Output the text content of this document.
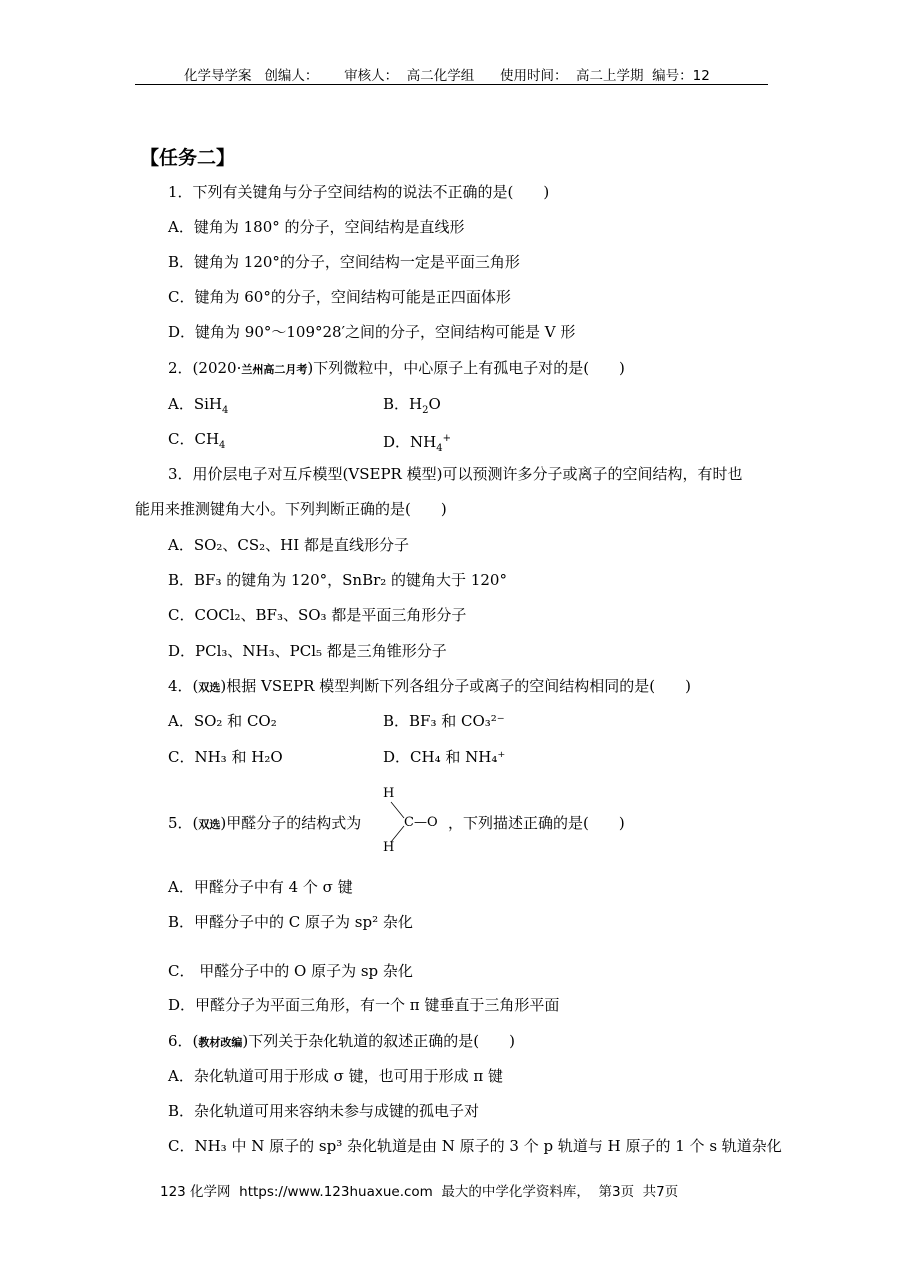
化学导学案   创编人：      审核人：  高二化学组      使用时间：  高二上学期  编号：12
【任务二】
1．下列有关键角与分子空间结构的说法不正确的是(　　)
A．键角为 180° 的分子，空间结构是直线形
B．键角为 120°的分子，空间结构一定是平面三角形
C．键角为 60°的分子，空间结构可能是正四面体形
D．键角为 90°～109°28′之间的分子，空间结构可能是 V 形
2．(2020·兰州高二月考)下列微粒中，中心原子上有孤电子对的是(　　)
A．SiH$_4$	B．$H_2O$
C．$CH_4$	D．$NH_4^+$
3．用价层电子对互斥模型(VSEPR 模型)可以预测许多分子或离子的空间结构，有时也
能用来推测键角大小。下列判断正确的是(　　)
A．SO₂、CS₂、HI 都是直线形分子
B．BF₃ 的键角为 120°，SnBr₂ 的键角大于 120°
C．COCl₂、BF₃、SO₃ 都是平面三角形分子
D．PCl₃、NH₃、PCl₅ 都是三角锥形分子
4．(双选)根据 VSEPR 模型判断下列各组分子或离子的空间结构相同的是(　　)
A．SO₂ 和 CO₂	B．BF₃ 和 CO₃²⁻
C．NH₃ 和 H₂O	D．CH₄ 和 NH₄⁺
5．(双选)甲醛分子的结构式为
H
C—O
H
，下列描述正确的是(　　)
A．甲醛分子中有 4 个 σ 键
B．甲醛分子中的 C 原子为 sp² 杂化
C． 甲醛分子中的 O 原子为 sp 杂化
D．甲醛分子为平面三角形，有一个 π 键垂直于三角形平面
6．(教材改编)下列关于杂化轨道的叙述正确的是(　　)
A．杂化轨道可用于形成 σ 键，也可用于形成 π 键
B．杂化轨道可用来容纳未参与成键的孤电子对
C．NH₃ 中 N 原子的 sp³ 杂化轨道是由 N 原子的 3 个 p 轨道与 H 原子的 1 个 s 轨道杂化
123 化学网  https://www.123huaxue.com  最大的中学化学资料库，  第3页  共7页
